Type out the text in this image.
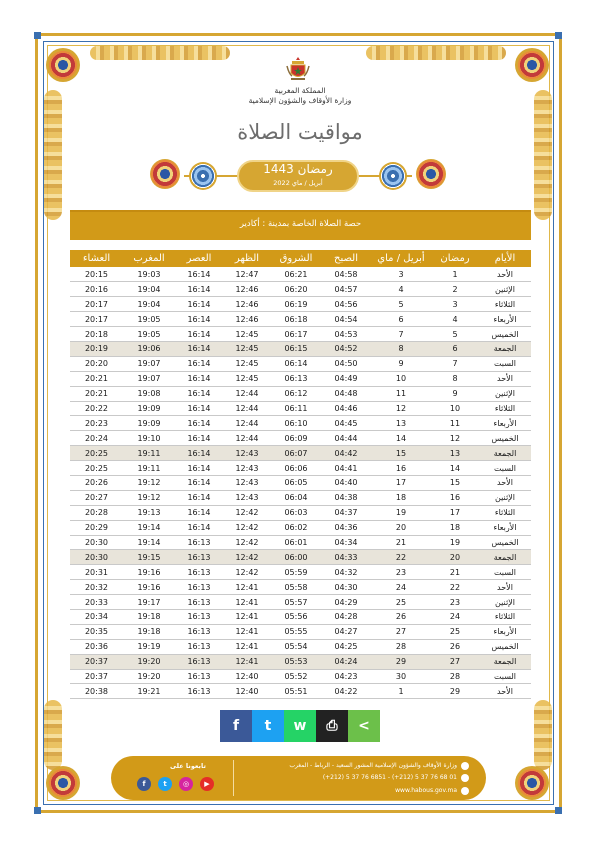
المملكة المغربية
وزارة الأوقاف والشؤون الإسلامية
مواقيت الصلاة
رمضان 1443
أبريل / ماي 2022
حصة الصلاة الخاصة بمدينة : أكادير
الأيام	رمضان	أبريل / ماي	الصبح	الشروق	الظهر	العصر	المغرب	العشاء
الأحد	1	3	04:58	06:21	12:47	16:14	19:03	20:15
الإثنين	2	4	04:57	06:20	12:46	16:14	19:04	20:16
الثلاثاء	3	5	04:56	06:19	12:46	16:14	19:04	20:17
الأربعاء	4	6	04:54	06:18	12:46	16:14	19:05	20:17
الخميس	5	7	04:53	06:17	12:45	16:14	19:05	20:18
الجمعة	6	8	04:52	06:15	12:45	16:14	19:06	20:19
السبت	7	9	04:50	06:14	12:45	16:14	19:07	20:20
الأحد	8	10	04:49	06:13	12:45	16:14	19:07	20:21
الإثنين	9	11	04:48	06:12	12:44	16:14	19:08	20:21
الثلاثاء	10	12	04:46	06:11	12:44	16:14	19:09	20:22
الأربعاء	11	13	04:45	06:10	12:44	16:14	19:09	20:23
الخميس	12	14	04:44	06:09	12:44	16:14	19:10	20:24
الجمعة	13	15	04:42	06:07	12:43	16:14	19:11	20:25
السبت	14	16	04:41	06:06	12:43	16:14	19:11	20:25
الأحد	15	17	04:40	06:05	12:43	16:14	19:12	20:26
الإثنين	16	18	04:38	06:04	12:43	16:14	19:12	20:27
الثلاثاء	17	19	04:37	06:03	12:42	16:14	19:13	20:28
الأربعاء	18	20	04:36	06:02	12:42	16:14	19:14	20:29
الخميس	19	21	04:34	06:01	12:42	16:13	19:14	20:30
الجمعة	20	22	04:33	06:00	12:42	16:13	19:15	20:30
السبت	21	23	04:32	05:59	12:42	16:13	19:16	20:31
الأحد	22	24	04:30	05:58	12:41	16:13	19:16	20:32
الإثنين	23	25	04:29	05:57	12:41	16:13	19:17	20:33
الثلاثاء	24	26	04:28	05:56	12:41	16:13	19:18	20:34
الأربعاء	25	27	04:27	05:55	12:41	16:13	19:18	20:35
الخميس	26	28	04:25	05:54	12:41	16:13	19:19	20:36
الجمعة	27	29	04:24	05:53	12:41	16:13	19:20	20:37
السبت	28	30	04:23	05:52	12:40	16:13	19:20	20:37
الأحد	29	1	04:22	05:51	12:40	16:13	19:21	20:38
f t w ⎙ <
وزارة الأوقاف والشؤون الإسلامية المشور السعيد - الرباط - المغرب
(+212) 5 37 76 6851 - (+212) 5 37 76 68 01
www.habous.gov.ma
تابعونا على
f	t	◎	▶
